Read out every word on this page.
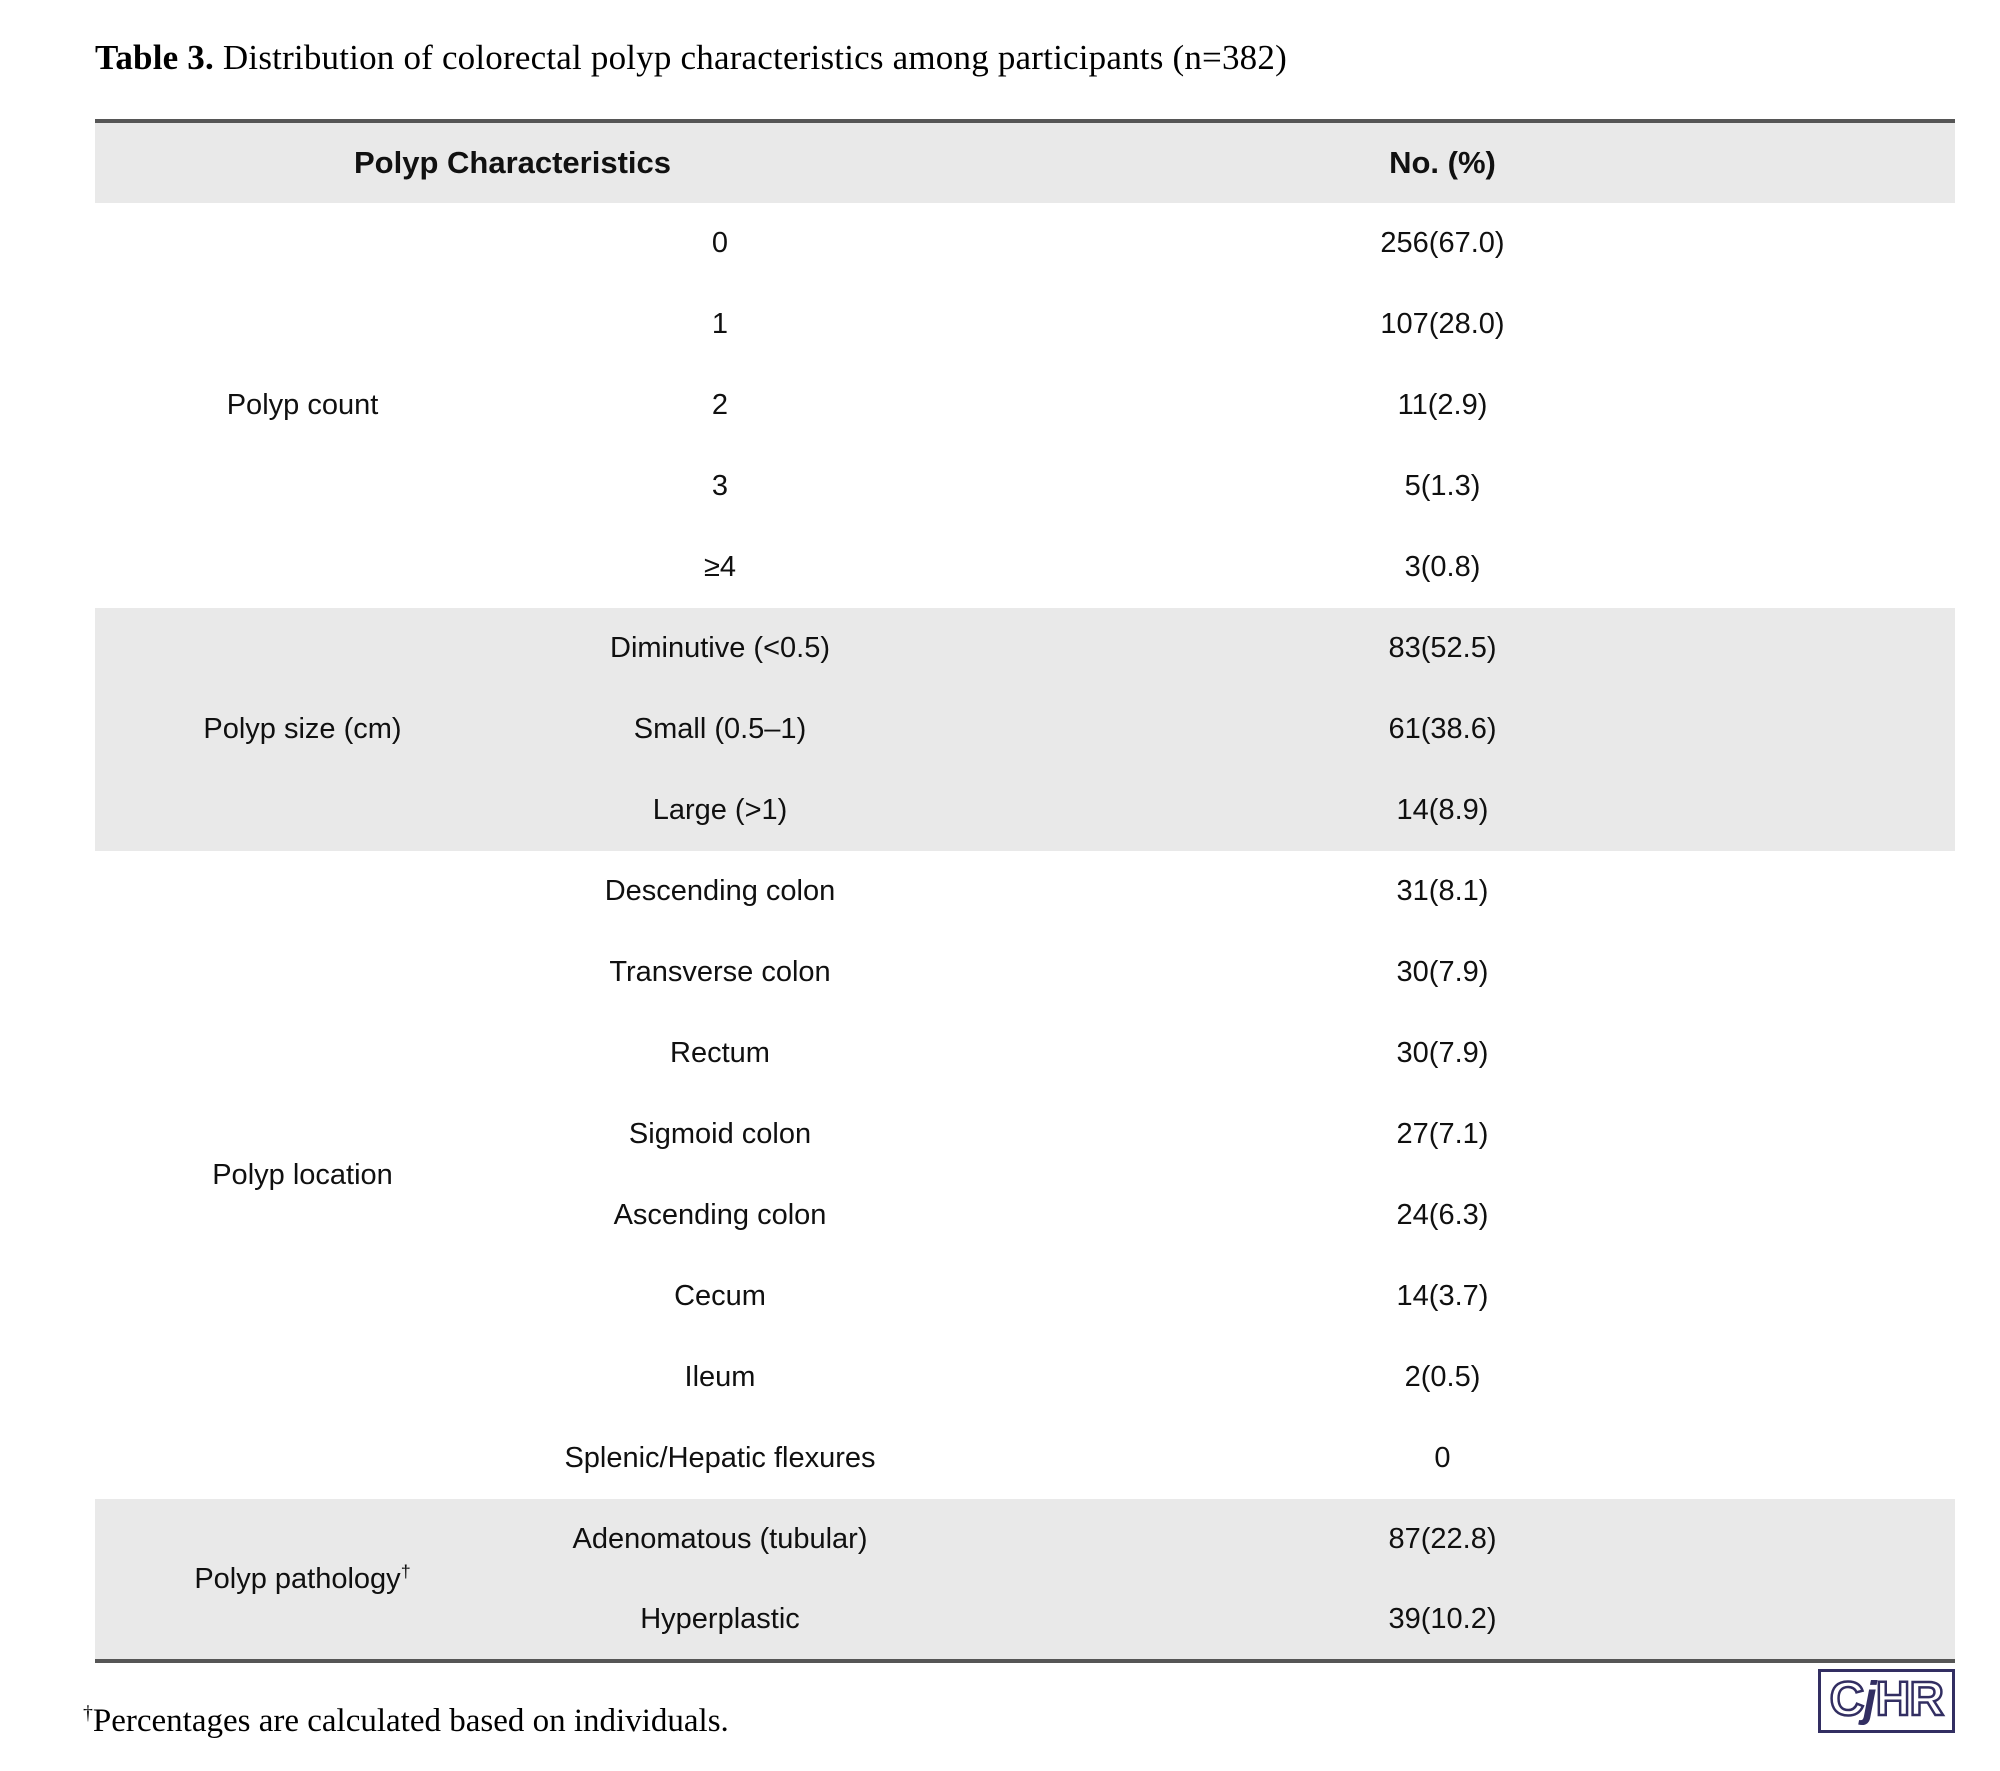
Table 3. Distribution of colorectal polyp characteristics among participants (n=382)
Polyp Characteristics		No. (%)
Polyp count	0	256(67.0)
	1	107(28.0)
	2	11(2.9)
	3	5(1.3)
	≥4	3(0.8)
Polyp size (cm)	Diminutive (<0.5)	83(52.5)
	Small (0.5–1)	61(38.6)
	Large (>1)	14(8.9)
Polyp location	Descending colon	31(8.1)
	Transverse colon	30(7.9)
	Rectum	30(7.9)
	Sigmoid colon	27(7.1)
	Ascending colon	24(6.3)
	Cecum	14(3.7)
	Ileum	2(0.5)
	Splenic/Hepatic flexures	0
Polyp pathology†	Adenomatous (tubular)	87(22.8)
	Hyperplastic	39(10.2)
†Percentages are calculated based on individuals.	CjHR
